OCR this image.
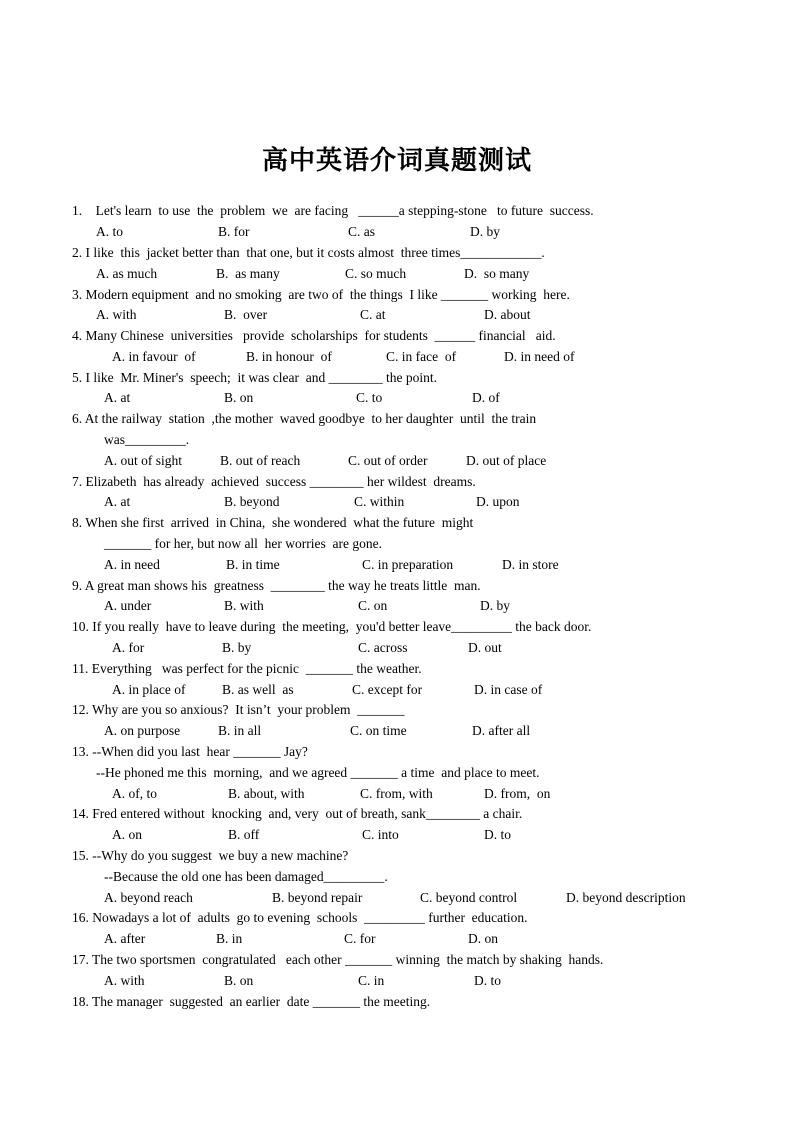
高中英语介词真题测试
1.    Let's learn  to use  the  problem  we  are facing   ______a stepping-stone   to future  success.
A. to	B. for	C. as	D. by
2. I like  this  jacket better than  that one, but it costs almost  three times____________.
A. as much	B.  as many	C. so much	D.  so many
3. Modern equipment  and no smoking  are two of  the things  I like _______ working  here.
A. with	B.  over	C. at	D. about
4. Many Chinese  universities   provide  scholarships  for students  ______ financial   aid.
A. in favour  of	B. in honour  of	C. in face  of	D. in need of
5. I like  Mr. Miner's  speech;  it was clear  and ________ the point.
A. at	B. on	C. to	D. of
6. At the railway  station  ,the mother  waved goodbye  to her daughter  until  the train
was_________.
A. out of sight	B. out of reach	C. out of order	D. out of place
7. Elizabeth  has already  achieved  success ________ her wildest  dreams.
A. at	B. beyond	C. within	D. upon
8. When she first  arrived  in China,  she wondered  what the future  might
_______ for her, but now all  her worries  are gone.
A. in need	B. in time	C. in preparation	D. in store
9. A great man shows his  greatness  ________ the way he treats little  man.
A. under	B. with	C. on	D. by
10. If you really  have to leave during  the meeting,  you'd better leave_________ the back door.
A. for	B. by	C. across	D. out
11. Everything   was perfect for the picnic  _______ the weather.
A. in place of	B. as well  as	C. except for	D. in case of
12. Why are you so anxious?  It isn’t  your problem  _______
A. on purpose	B. in all	C. on time	D. after all
13. --When did you last  hear _______ Jay?
--He phoned me this  morning,  and we agreed _______ a time  and place to meet.
A. of, to	B. about, with	C. from, with	D. from,  on
14. Fred entered without  knocking  and, very  out of breath, sank________ a chair.
A. on	B. off	C. into	D. to
15. --Why do you suggest  we buy a new machine?
--Because the old one has been damaged_________.
A. beyond reach	B. beyond repair	C. beyond control	D. beyond description
16. Nowadays a lot of  adults  go to evening  schools  _________ further  education.
A. after	B. in	C. for	D. on
17. The two sportsmen  congratulated   each other _______ winning  the match by shaking  hands.
A. with	B. on	C. in	D. to
18. The manager  suggested  an earlier  date _______ the meeting.
